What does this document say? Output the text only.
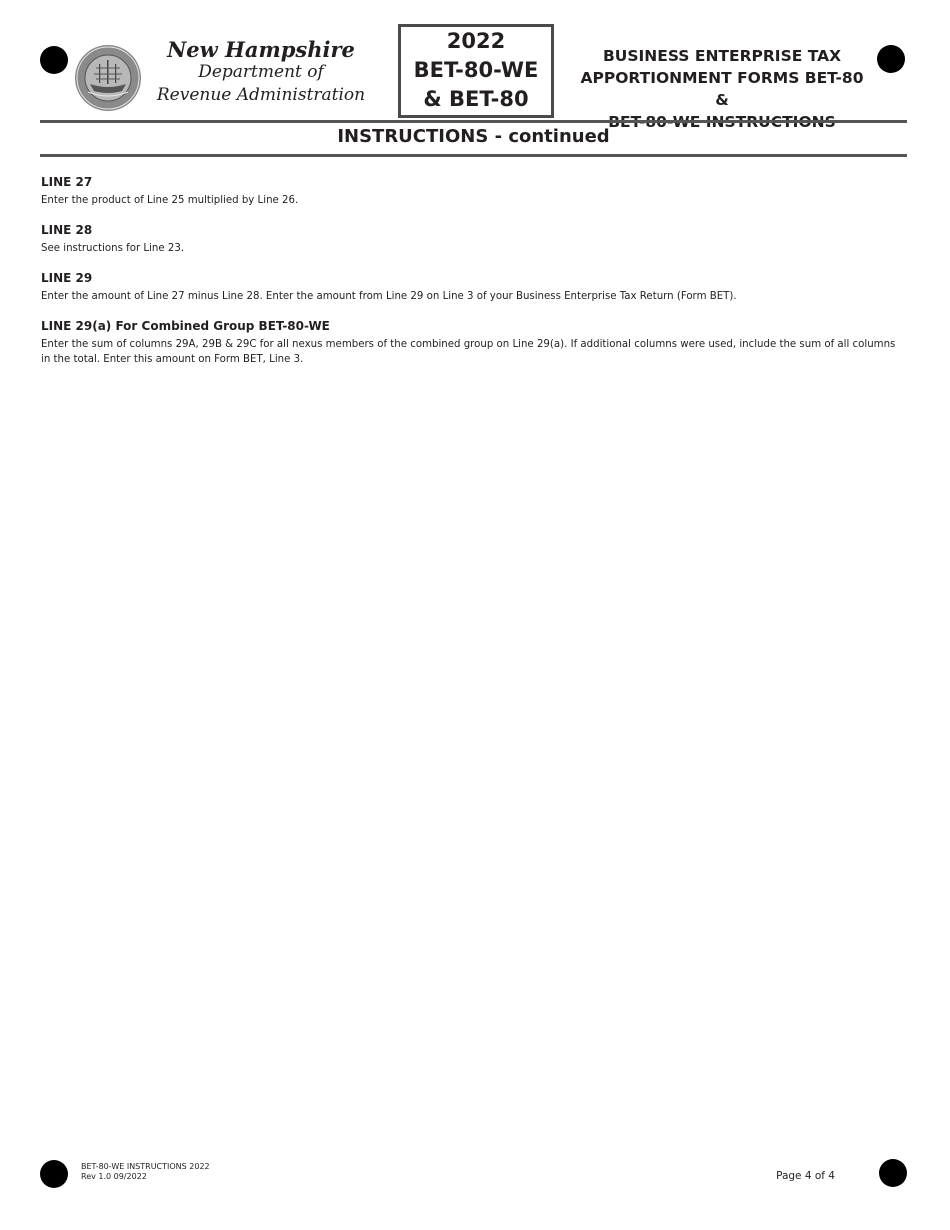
New Hampshire
Department of
Revenue Administration
2022
BET-80-WE
& BET-80
BUSINESS ENTERPRISE TAX
APPORTIONMENT FORMS BET-80 &
INSTRUCTIONS - continued
LINE 27

Enter the product of Line 25 multiplied by Line 26.

LINE 28

See instructions for Line 23.

LINE 29

Enter the amount of Line 27 minus Line 28. Enter the amount from Line 29 on Line 3 of your Business Enterprise Tax Return (Form BET).

LINE 29(a) For Combined Group BET-80-WE

Enter the sum of columns 29A, 29B & 29C for all nexus members of the combined group on Line 29(a). If additional columns were used, include the sum of all columns in the total. Enter this amount on Form BET, Line 3.

BET-80-WE INSTRUCTIONS 2022
Rev 1.0 09/2022	Page 4 of 4
